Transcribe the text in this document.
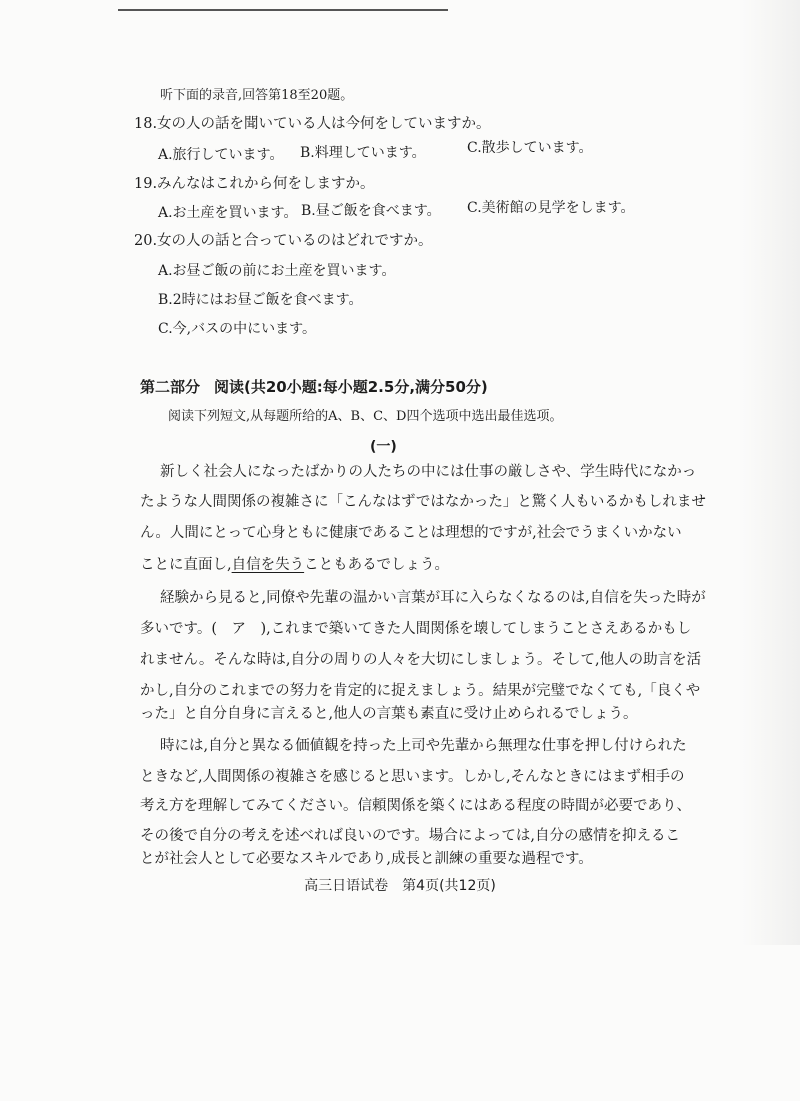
听下面的录音,回答第18至20题。
18.女の人の話を聞いている人は今何をしていますか。
A.旅行しています。 B.料理しています。	C.散歩しています。
19.みんなはこれから何をしますか。
A.お土産を買います。 B.昼ご飯を食べます。 C.美術館の見学をします。
20.女の人の話と合っているのはどれですか。
A.お昼ご飯の前にお土産を買います。
B.2時にはお昼ご飯を食べます。
C.今,バスの中にいます。
第二部分 阅读(共20小题:每小题2.5分,满分50分)
阅读下列短文,从每题所给的A、B、C、D四个选项中选出最佳选项。
(一)
新しく社会人になったばかりの人たちの中には仕事の厳しさや、学生時代になかっ
たような人間関係の複雑さに「こんなはずではなかった」と驚く人もいるかもしれませ
ん。人間にとって心身ともに健康であることは理想的ですが,社会でうまくいかない
ことに直面し,自信を失うこともあるでしょう。
経験から見ると,同僚や先輩の温かい言葉が耳に入らなくなるのは,自信を失った時が
多いです。(　ア　),これまで築いてきた人間関係を壊してしまうことさえあるかもし
れません。そんな時は,自分の周りの人々を大切にしましょう。そして,他人の助言を活
かし,自分のこれまでの努力を肯定的に捉えましょう。結果が完璧でなくても,「良くや
った」と自分自身に言えると,他人の言葉も素直に受け止められるでしょう。
時には,自分と異なる価値観を持った上司や先輩から無理な仕事を押し付けられた
ときなど,人間関係の複雑さを感じると思います。しかし,そんなときにはまず相手の
考え方を理解してみてください。信頼関係を築くにはある程度の時間が必要であり、
その後で自分の考えを述べれば良いのです。場合によっては,自分の感情を抑えるこ
とが社会人として必要なスキルであり,成長と訓練の重要な過程です。
高三日语试卷　第4页(共12页)
